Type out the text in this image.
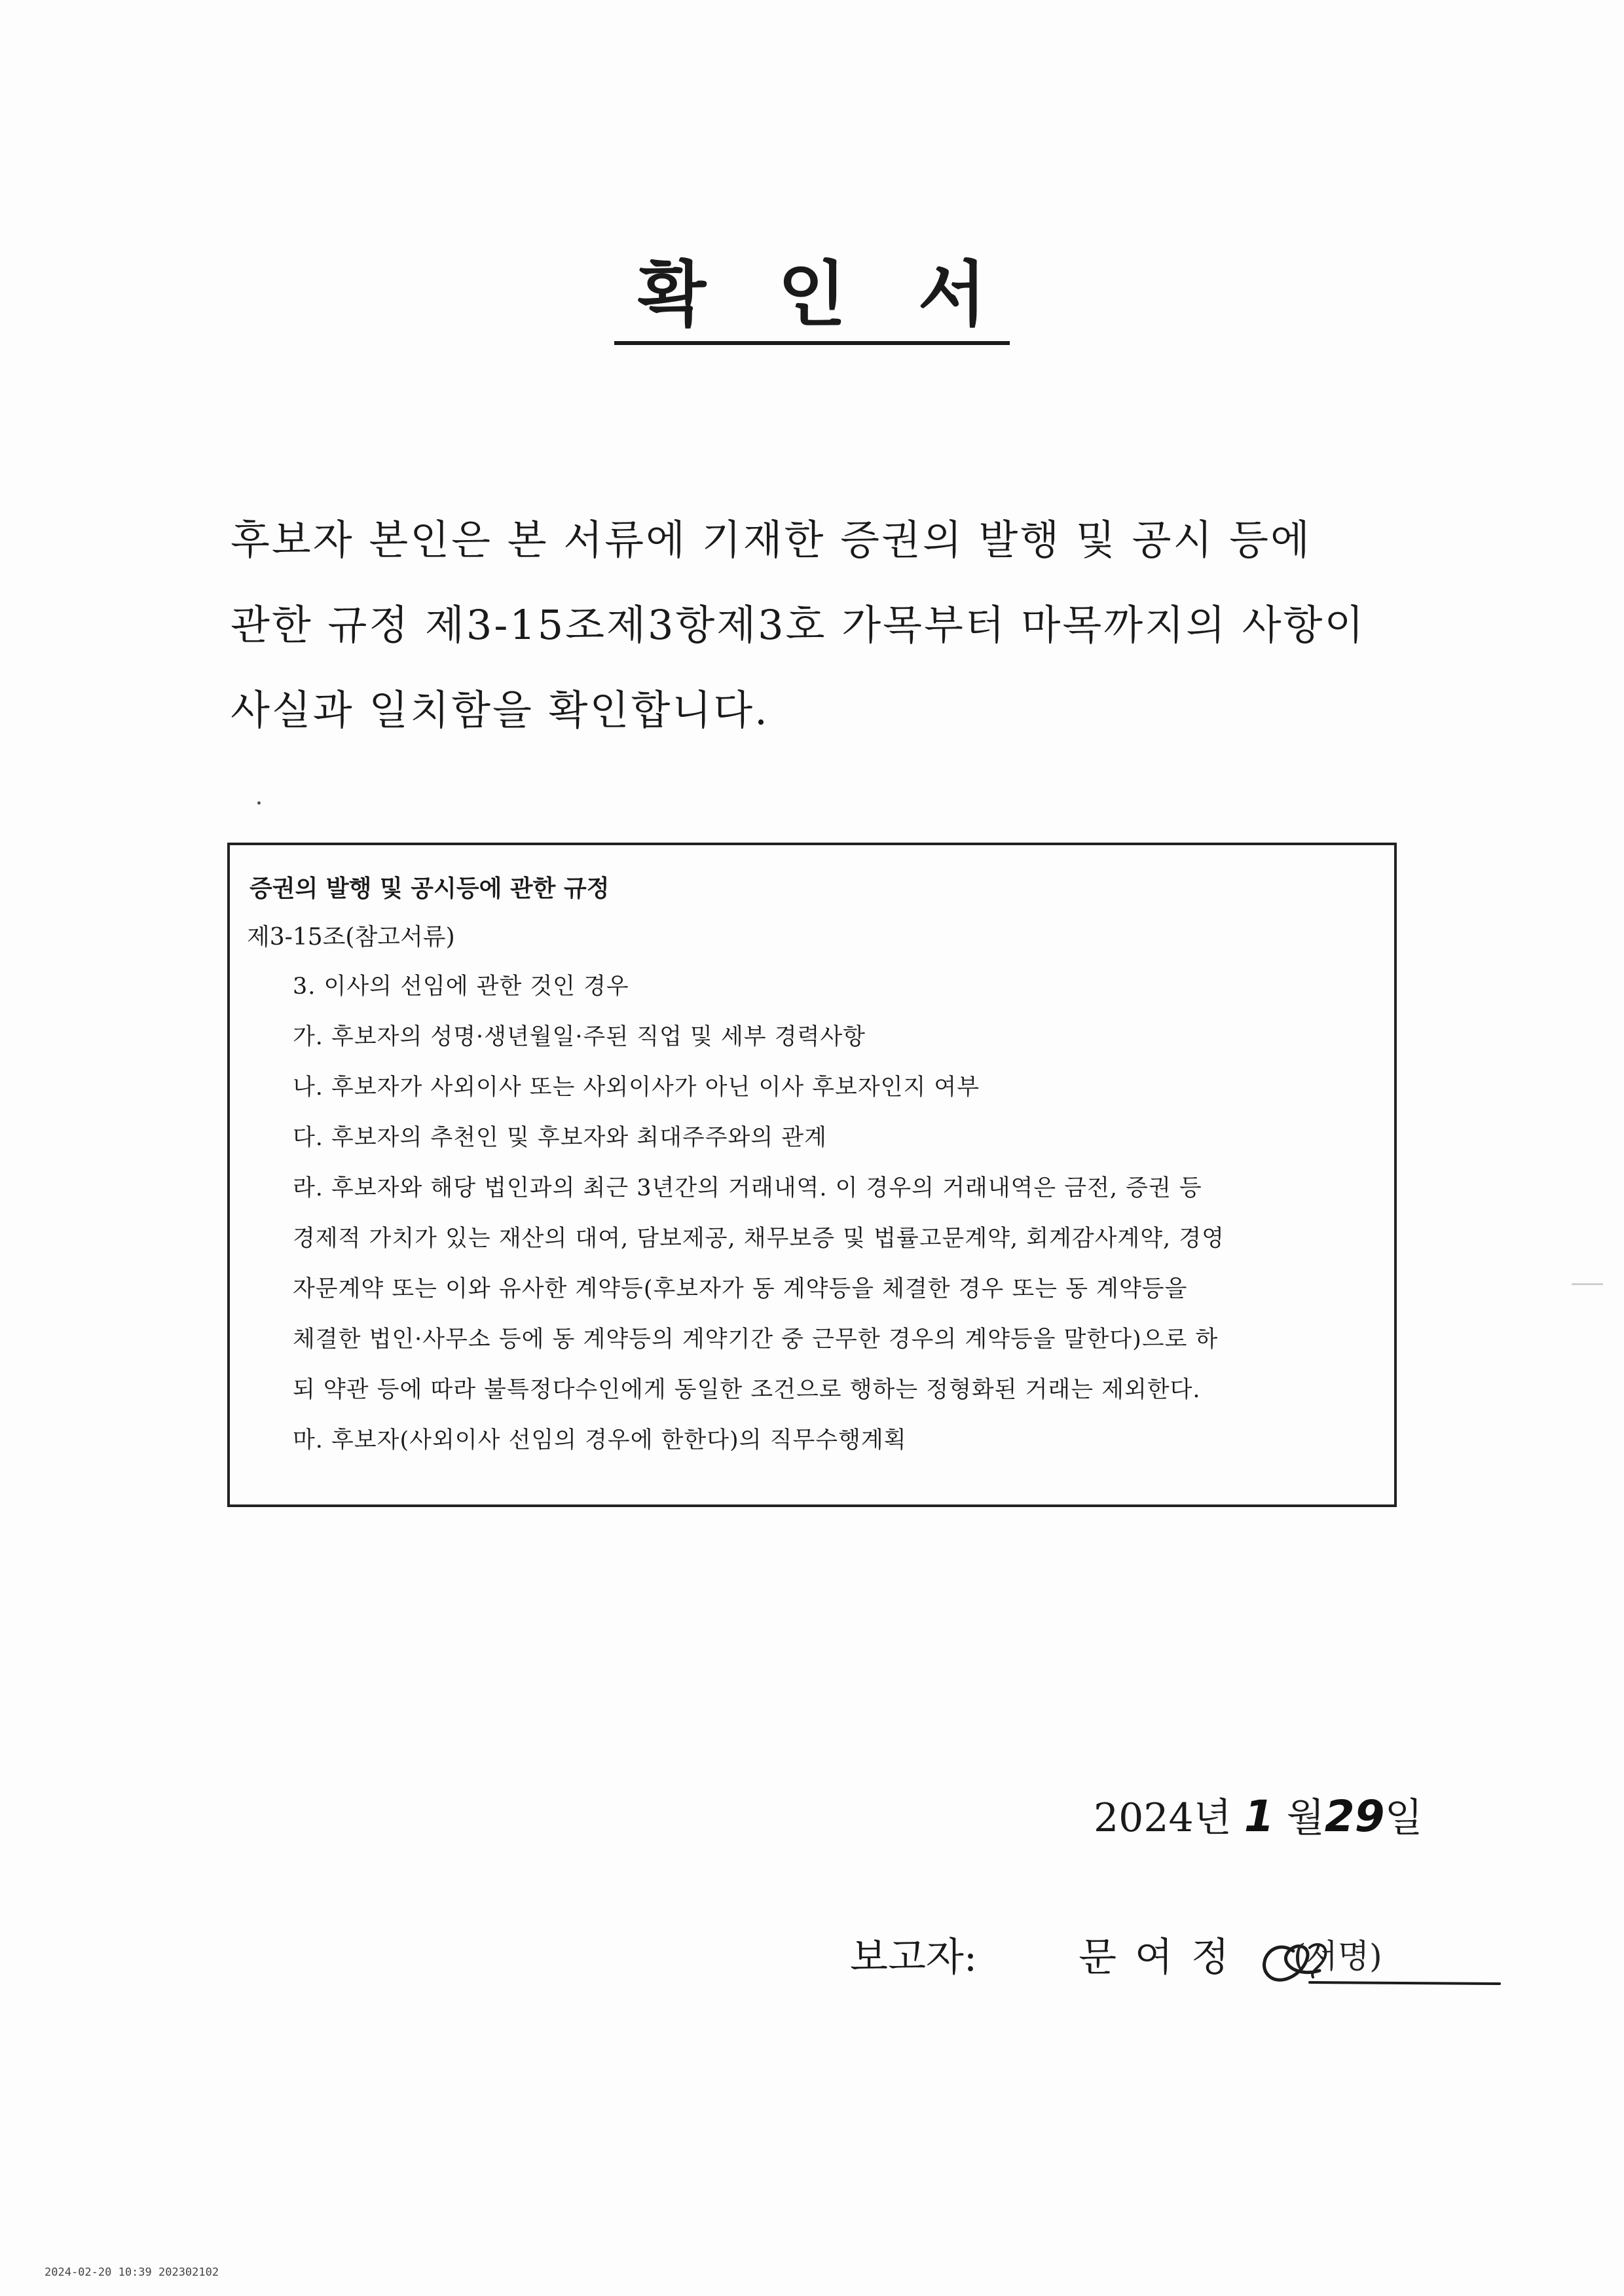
확 인 서
후보자 본인은 본 서류에 기재한 증권의 발행 및 공시 등에
관한 규정 제3-15조제3항제3호 가목부터 마목까지의 사항이
사실과 일치함을 확인합니다.
증권의 발행 및 공시등에 관한 규정
제3-15조(참고서류)
3. 이사의 선임에 관한 것인 경우
가. 후보자의 성명·생년월일·주된 직업 및 세부 경력사항
나. 후보자가 사외이사 또는 사외이사가 아닌 이사 후보자인지 여부
다. 후보자의 추천인 및 후보자와 최대주주와의 관계
라. 후보자와 해당 법인과의 최근 3년간의 거래내역. 이 경우의 거래내역은 금전, 증권 등
경제적 가치가 있는 재산의 대여, 담보제공, 채무보증 및 법률고문계약, 회계감사계약, 경영
자문계약 또는 이와 유사한 계약등(후보자가 동 계약등을 체결한 경우 또는 동 계약등을
체결한 법인·사무소 등에 동 계약등의 계약기간 중 근무한 경우의 계약등을 말한다)으로 하
되 약관 등에 따라 불특정다수인에게 동일한 조건으로 행하는 정형화된 거래는 제외한다.
마. 후보자(사외이사 선임의 경우에 한한다)의 직무수행계획
2024년 1 월29일
보고자:	문여정 (서명)
2024-02-20 10:39 202302102
